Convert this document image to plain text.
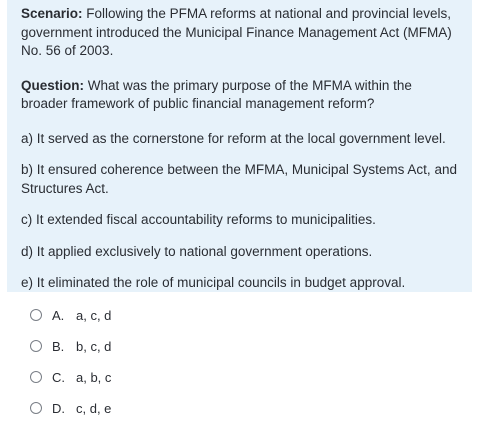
Scenario: Following the PFMA reforms at national and provincial levels, government introduced the Municipal Finance Management Act (MFMA) No. 56 of 2003.

Question: What was the primary purpose of the MFMA within the broader framework of public financial management reform?

a) It served as the cornerstone for reform at the local government level.

b) It ensured coherence between the MFMA, Municipal Systems Act, and Structures Act.

c) It extended fiscal accountability reforms to municipalities.

d) It applied exclusively to national government operations.

e) It eliminated the role of municipal councils in budget approval.

A. a, c, d
B. b, c, d
C. a, b, c
D. c, d, e
